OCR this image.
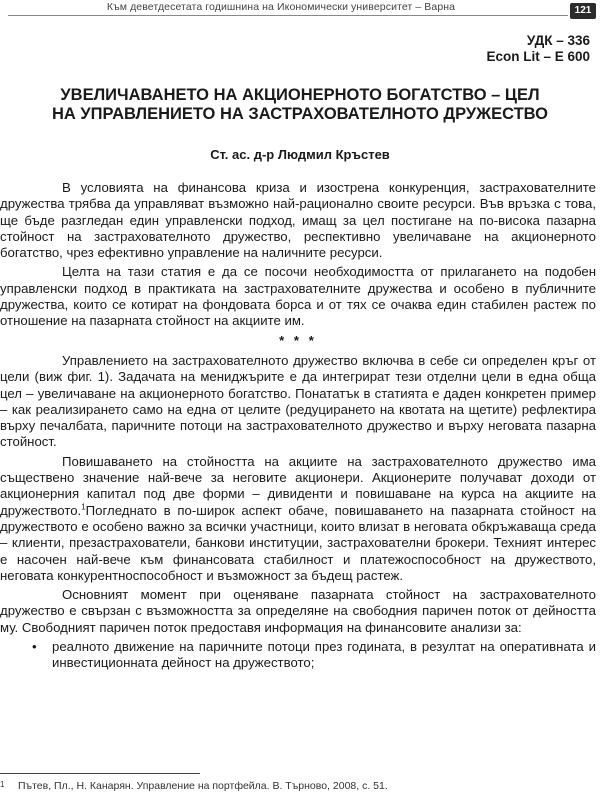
Към деветдесетата годишнина на Икономически университет – Варна	121
УДК – 336
Econ Lit – E 600
УВЕЛИЧАВАНЕТО НА АКЦИОНЕРНОТО БОГАТСТВО – ЦЕЛ
НА УПРАВЛЕНИЕТО НА ЗАСТРАХОВАТЕЛНОТО ДРУЖЕСТВО
Ст. ас. д-р Людмил Кръстев

В условията на финансова криза и изострена конкуренция, застрахователните дружества трябва да управляват възможно най-рационално своите ресурси. Във връзка с това, ще бъде разгледан един управленски подход, имащ за цел постигане на по-висока пазарна стойност на застрахователното дружество, респективно увеличаване на акционерното богатство, чрез ефективно управление на наличните ресурси.

Целта на тази статия е да се посочи необходимостта от прилагането на подобен управленски подход в практиката на застрахователните дружества и особено в публичните дружества, които се котират на фондовата борса и от тях се очаква един стабилен растеж по отношение на пазарната стойност на акциите им.

* * *

Управлението на застрахователното дружество включва в себе си определен кръг от цели (виж фиг. 1). Задачата на мениджърите е да интегрират тези отделни цели в една обща цел – увеличаване на акционерното богатство. Понататък в статията е даден конкретен пример – как реализирането само на една от целите (редуцирането на квотата на щетите) рефлектира върху печалбата, паричните потоци на застрахователното дружество и върху неговата пазарна стойност.

Повишаването на стойността на акциите на застрахователното дружество има съществено значение най-вече за неговите акционери. Акционерите получават доходи от акционерния капитал под две форми – дивиденти и повишаване на курса на акциите на дружеството.$^1$Погледнато в по-широк аспект обаче, повишаването на пазарната стойност на дружеството е особено важно за всички участници, които влизат в неговата обкръжаваща среда – клиенти, презастрахователи, банкови институции, застрахователни брокери. Техният интерес е насочен най-вече към финансовата стабилност и платежоспособност на дружеството, неговата конкурентноспособност и възможност за бъдещ растеж.

Основният момент при оценяване пазарната стойност на застрахователното дружество е свързан с възможността за определяне на свободния паричен поток от дейността му. Свободният паричен поток предоставя информация на финансовите анализи за:

• реалното движение на паричните потоци през годината, в резултат на оперативната и инвестиционната дейност на дружеството;
1 Пътев, Пл., Н. Канарян. Управление на портфейла. В. Търново, 2008, с. 51.
